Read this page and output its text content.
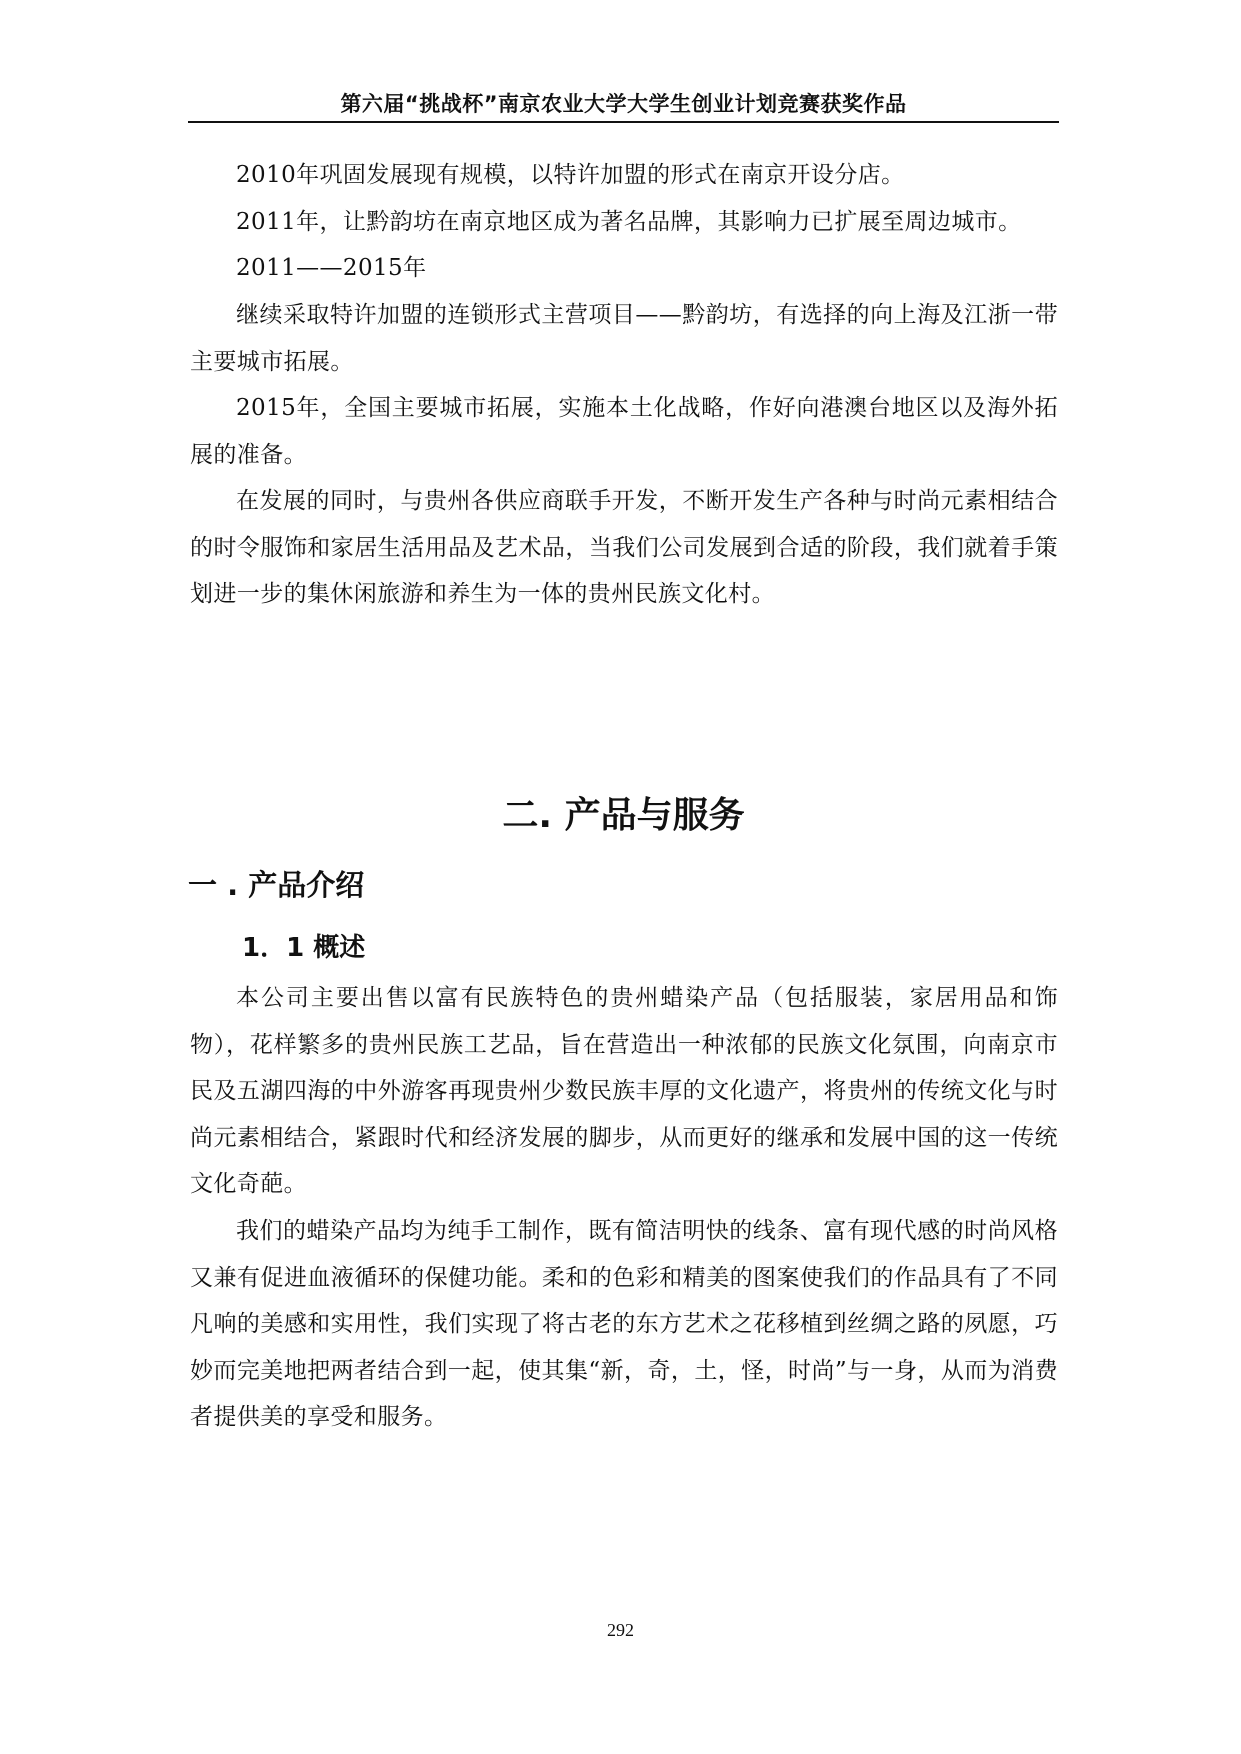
第六届“挑战杯”南京农业大学大学生创业计划竞赛获奖作品

2010年巩固发展现有规模，以特许加盟的形式在南京开设分店。

2011年，让黔韵坊在南京地区成为著名品牌，其影响力已扩展至周边城市。

2011——2015年

继续采取特许加盟的连锁形式主营项目——黔韵坊，有选择的向上海及江浙一带主要城市拓展。

2015年，全国主要城市拓展，实施本土化战略，作好向港澳台地区以及海外拓展的准备。

在发展的同时，与贵州各供应商联手开发，不断开发生产各种与时尚元素相结合的时令服饰和家居生活用品及艺术品，当我们公司发展到合适的阶段，我们就着手策划进一步的集休闲旅游和养生为一体的贵州民族文化村。

二. 产品与服务
一 . 产品介绍
1．1 概述

本公司主要出售以富有民族特色的贵州蜡染产品（包括服装，家居用品和饰物），花样繁多的贵州民族工艺品，旨在营造出一种浓郁的民族文化氛围，向南京市民及五湖四海的中外游客再现贵州少数民族丰厚的文化遗产，将贵州的传统文化与时尚元素相结合，紧跟时代和经济发展的脚步，从而更好的继承和发展中国的这一传统文化奇葩。

我们的蜡染产品均为纯手工制作，既有简洁明快的线条、富有现代感的时尚风格又兼有促进血液循环的保健功能。柔和的色彩和精美的图案使我们的作品具有了不同凡响的美感和实用性，我们实现了将古老的东方艺术之花移植到丝绸之路的夙愿，巧妙而完美地把两者结合到一起，使其集“新，奇，土，怪，时尚”与一身，从而为消费者提供美的享受和服务。

292
